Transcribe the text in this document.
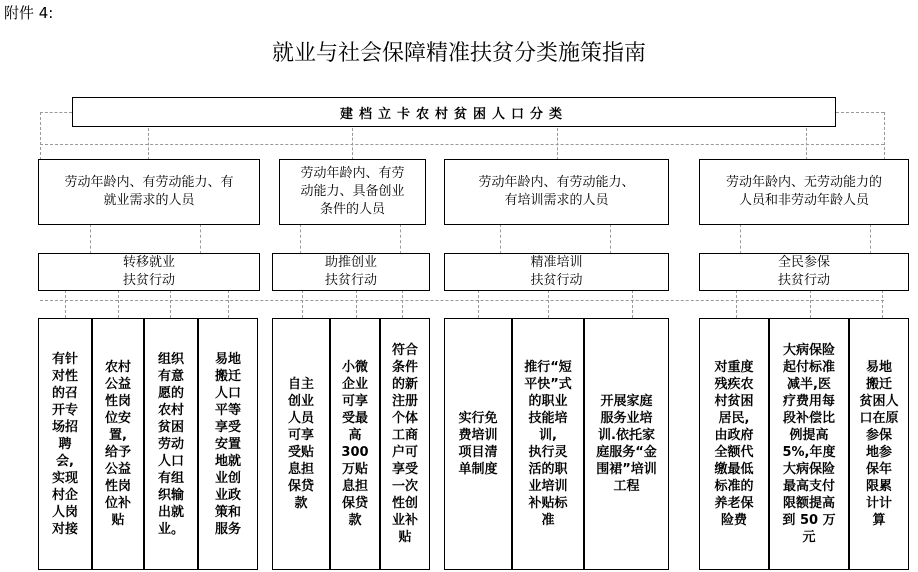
附件 4:
就业与社会保障精准扶贫分类施策指南
建档立卡农村贫困人口分类
劳动年龄内、有劳动能力、有
就业需求的人员
劳动年龄内、有劳
动能力、具备创业
条件的人员
劳动年龄内、有劳动能力、
有培训需求的人员
劳动年龄内、无劳动能力的
人员和非劳动年龄人员
转移就业
扶贫行动
助推创业
扶贫行动
精准培训
扶贫行动
全民参保
扶贫行动
有针
对性
的召
开专
场招
聘
会,
实现
村企
人岗
对接
农村
公益
性岗
位安
置,
给予
公益
性岗
位补
贴
组织
有意
愿的
农村
贫困
劳动
人口
有组
织输
出就
业。
易地
搬迁
人口
平等
享受
安置
地就
业创
业政
策和
服务
自主
创业
人员
可享
受贴
息担
保贷
款
小微
企业
可享
受最
高
300
万贴
息担
保贷
款
符合
条件
的新
注册
个体
工商
户可
享受
一次
性创
业补
贴
实行免
费培训
项目清
单制度
推行“短
平快”式
的职业
技能培
训,
执行灵
活的职
业培训
补贴标
准
开展家庭
服务业培
训.依托家
庭服务“金
围裙”培训
工程
对重度
残疾农
村贫困
居民,
由政府
全额代
缴最低
标准的
养老保
险费
大病保险
起付标准
减半,医
疗费用每
段补偿比
例提高
5%,年度
大病保险
最高支付
限额提高
到 50 万
元
易地
搬迁
贫困人
口在原
参保
地参
保年
限累
计计
算
